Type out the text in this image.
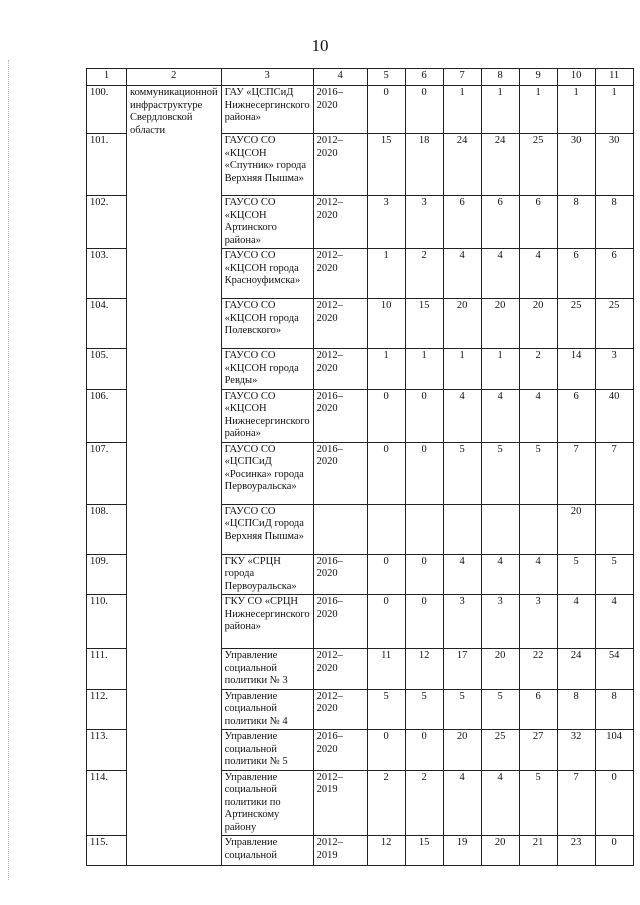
10
1	2	3	4	5	6	7	8	9	10	11
100.	коммуникационной инфраструктуре Свердловской области	ГАУ «ЦСПСиД Нижнесергинского района»	2016–2020	0	0	1	1	1	1	1
101.		ГАУСО СО «КЦСОН «Спутник» города Верхняя Пышма»	2012–2020	15	18	24	24	25	30	30
102.		ГАУСО СО «КЦСОН Артинского района»	2012–2020	3	3	6	6	6	8	8
103.		ГАУСО СО «КЦСОН города Красноуфимска»	2012–2020	1	2	4	4	4	6	6
104.		ГАУСО СО «КЦСОН города Полевского»	2012–2020	10	15	20	20	20	25	25
105.		ГАУСО СО «КЦСОН города Ревды»	2012–2020	1	1	1	1	2	14	3
106.		ГАУСО СО «КЦСОН Нижнесергинского района»	2016–2020	0	0	4	4	4	6	40
107.		ГАУСО СО «ЦСПСиД «Росинка» города Первоуральска»	2016–2020	0	0	5	5	5	7	7
108.		ГАУСО СО «ЦСПСиД города Верхняя Пышма»							20	
109.		ГКУ «СРЦН города Первоуральска»	2016–2020	0	0	4	4	4	5	5
110.		ГКУ СО «СРЦН Нижнесергинского района»	2016–2020	0	0	3	3	3	4	4
111.		Управление социальной политики № 3	2012–2020	11	12	17	20	22	24	54
112.		Управление социальной политики № 4	2012–2020	5	5	5	5	6	8	8
113.		Управление социальной политики № 5	2016–2020	0	0	20	25	27	32	104
114.		Управление социальной политики по Артинскому району	2012–2019	2	2	4	4	5	7	0
115.		Управление социальной	2012–2019	12	15	19	20	21	23	0
